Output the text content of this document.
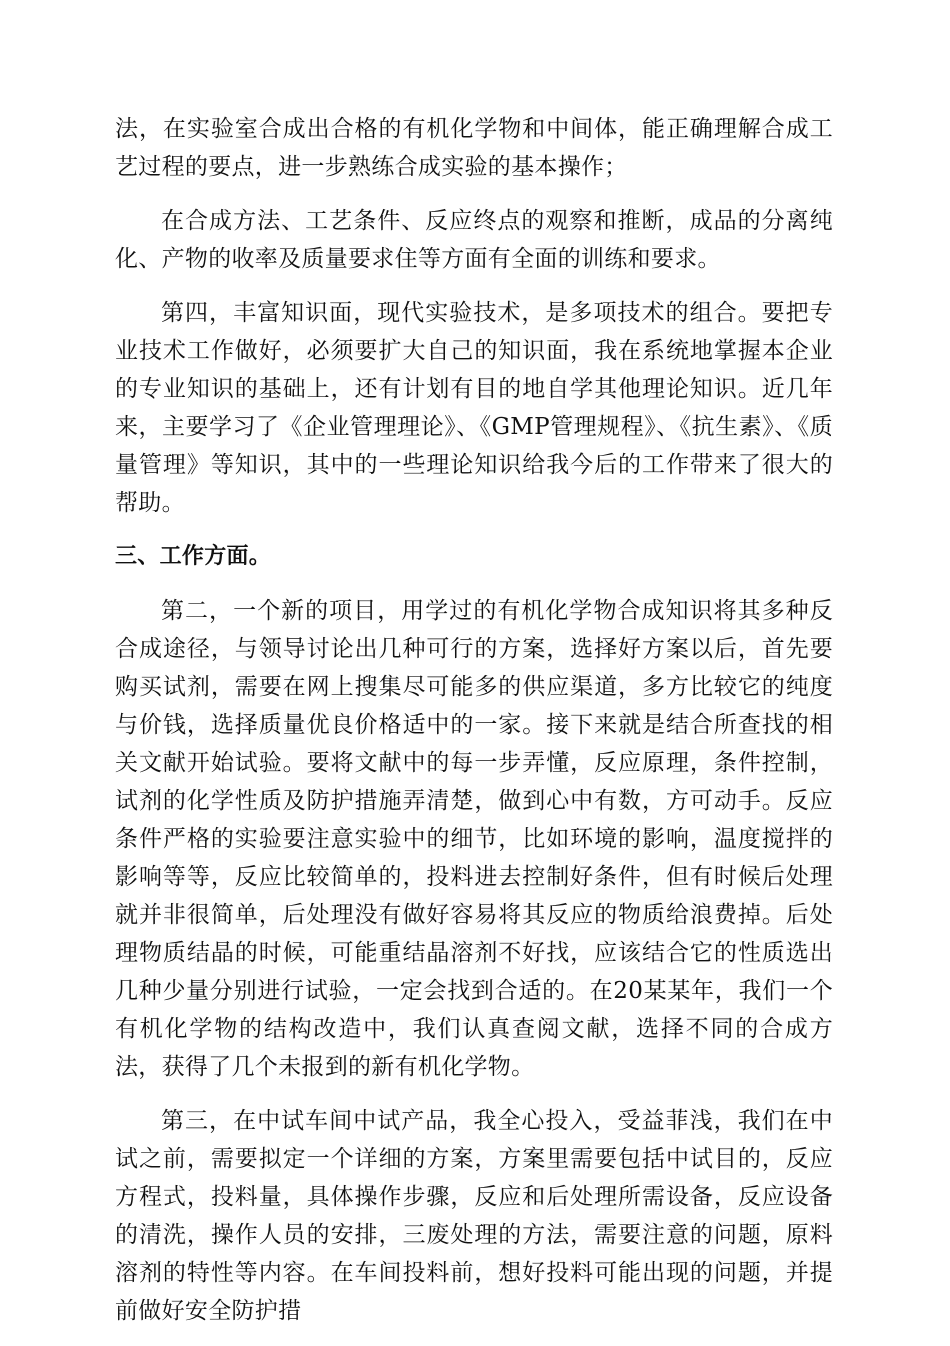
法，在实验室合成出合格的有机化学物和中间体，能正确理解合成工艺过程的要点，进一步熟练合成实验的基本操作；

在合成方法、工艺条件、反应终点的观察和推断，成品的分离纯化、产物的收率及质量要求住等方面有全面的训练和要求。

第四，丰富知识面，现代实验技术，是多项技术的组合。要把专业技术工作做好，必须要扩大自己的知识面，我在系统地掌握本企业的专业知识的基础上，还有计划有目的地自学其他理论知识。近几年来，主要学习了《企业管理理论》、《GMP管理规程》、《抗生素》、《质量管理》等知识，其中的一些理论知识给我今后的工作带来了很大的帮助。

三、工作方面。

第二，一个新的项目，用学过的有机化学物合成知识将其多种反合成途径，与领导讨论出几种可行的方案，选择好方案以后，首先要购买试剂，需要在网上搜集尽可能多的供应渠道，多方比较它的纯度与价钱，选择质量优良价格适中的一家。接下来就是结合所查找的相关文献开始试验。要将文献中的每一步弄懂，反应原理，条件控制，试剂的化学性质及防护措施弄清楚，做到心中有数，方可动手。反应条件严格的实验要注意实验中的细节，比如环境的影响，温度搅拌的影响等等，反应比较简单的，投料进去控制好条件，但有时候后处理就并非很简单，后处理没有做好容易将其反应的物质给浪费掉。后处理物质结晶的时候，可能重结晶溶剂不好找，应该结合它的性质选出几种少量分别进行试验，一定会找到合适的。在20某某年，我们一个有机化学物的结构改造中，我们认真查阅文献，选择不同的合成方法，获得了几个未报到的新有机化学物。

第三，在中试车间中试产品，我全心投入，受益菲浅，我们在中试之前，需要拟定一个详细的方案，方案里需要包括中试目的，反应方程式，投料量，具体操作步骤，反应和后处理所需设备，反应设备的清洗，操作人员的安排，三废处理的方法，需要注意的问题，原料溶剂的特性等内容。在车间投料前，想好投料可能出现的问题，并提前做好安全防护措
